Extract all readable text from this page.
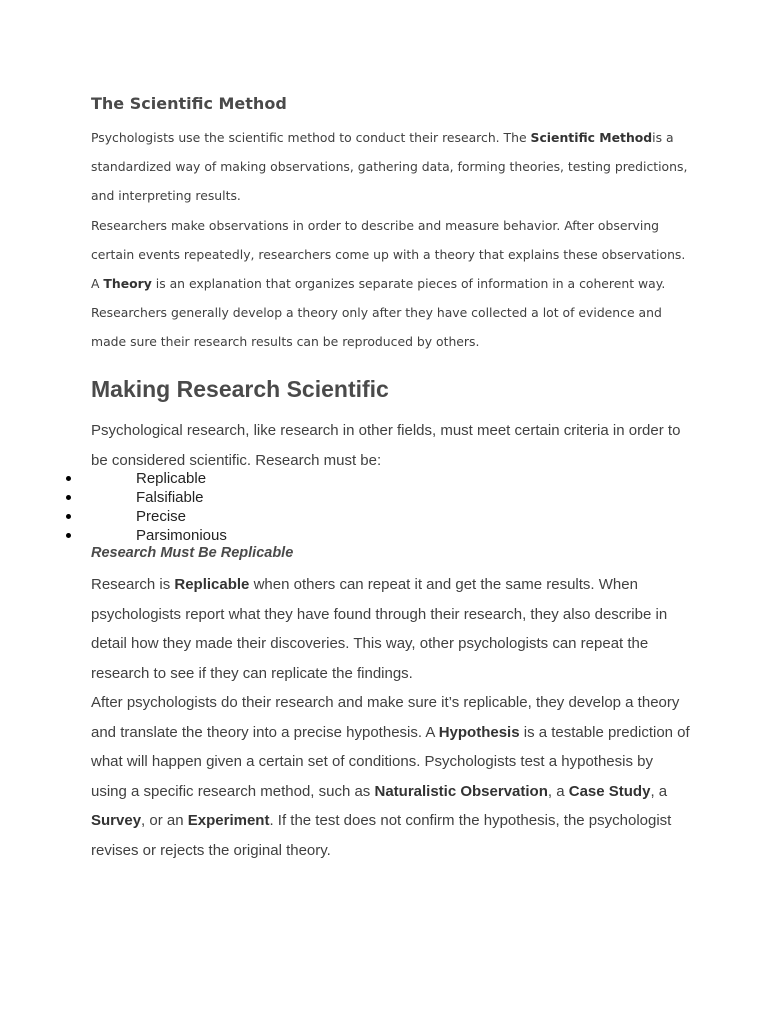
The Scientific Method

Psychologists use the scientific method to conduct their research. The Scientific Methodis a standardized way of making observations, gathering data, forming theories, testing predictions, and interpreting results.

Researchers make observations in order to describe and measure behavior. After observing certain events repeatedly, researchers come up with a theory that explains these observations. A Theory is an explanation that organizes separate pieces of information in a coherent way. Researchers generally develop a theory only after they have collected a lot of evidence and made sure their research results can be reproduced by others.

Making Research Scientific

Psychological research, like research in other fields, must meet certain criteria in order to be considered scientific. Research must be:

Replicable
Falsifiable
Precise
Parsimonious
Research Must Be Replicable

Research is Replicable when others can repeat it and get the same results. When psychologists report what they have found through their research, they also describe in detail how they made their discoveries. This way, other psychologists can repeat the research to see if they can replicate the findings.

After psychologists do their research and make sure it’s replicable, they develop a theory and translate the theory into a precise hypothesis. A Hypothesis is a testable prediction of what will happen given a certain set of conditions. Psychologists test a hypothesis by using a specific research method, such as Naturalistic Observation, a Case Study, a Survey, or an Experiment. If the test does not confirm the hypothesis, the psychologist revises or rejects the original theory.
